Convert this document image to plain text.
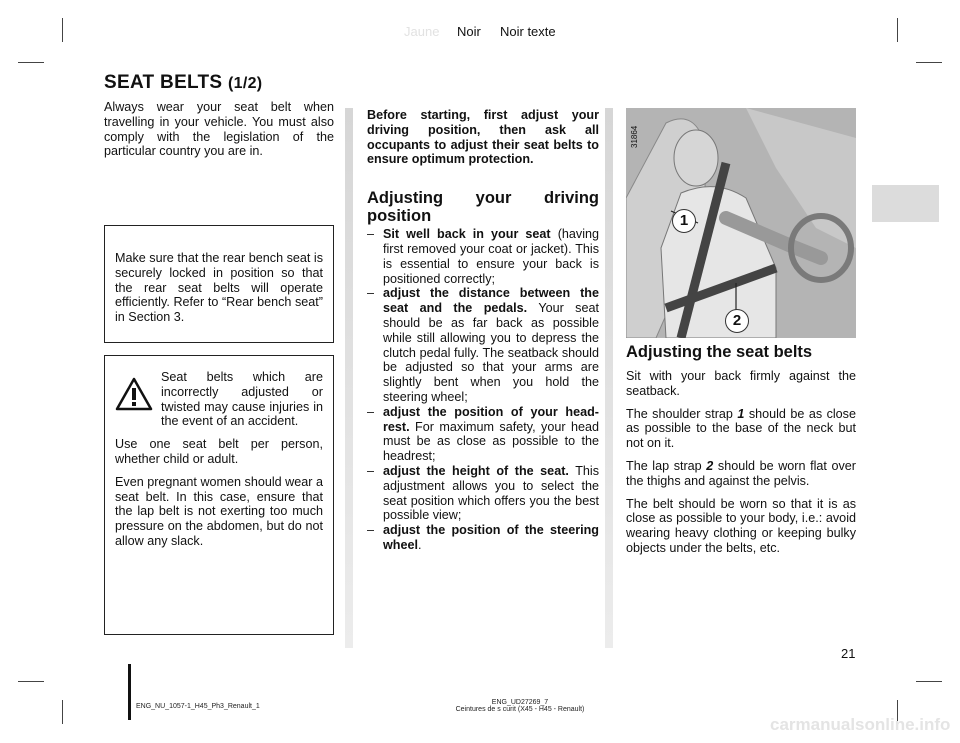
Jaune Noir Noir texte
SEAT BELTS (1/2)
Always wear your seat belt when travelling in your vehicle. You must also comply with the legislation of the particular country you are in.
Make sure that the rear bench seat is securely locked in position so that the rear seat belts will operate efficiently. Refer to “Rear bench seat” in Section 3.
Seat belts which are incorrectly adjusted or twisted may cause injuries in the event of an accident.

Use one seat belt per person, whether child or adult.

Even pregnant women should wear a seat belt. In this case, ensure that the lap belt is not exerting too much pressure on the abdomen, but do not allow any slack.

Before starting, first adjust your driving position, then ask all occupants to adjust their seat belts to ensure optimum protection.
Adjusting your driving position
– Sit well back in your seat (having first removed your coat or jacket). This is essential to ensure your back is positioned correctly;
– adjust the distance between the seat and the pedals. Your seat should be as far back as possible while still allowing you to depress the clutch pedal fully. The seatback should be adjusted so that your arms are slightly bent when you hold the steering wheel;
– adjust the position of your head-rest. For maximum safety, your head must be as close as possible to the headrest;
– adjust the height of the seat. This adjustment allows you to select the seat position which offers you the best possible view;
– adjust the position of the steering wheel.
31864
1
2
Adjusting the seat belts

Sit with your back firmly against the seatback.

The shoulder strap 1 should be as close as possible to the base of the neck but not on it.

The lap strap 2 should be worn flat over the thighs and against the pelvis.

The belt should be worn so that it is as close as possible to your body, i.e.: avoid wearing heavy clothing or keeping bulky objects under the belts, etc.

21
ENG_NU_1057-1_H45_Ph3_Renault_1
ENG_UD27269_7
Ceintures de s curit (X45 - H45 - Renault)
carmanualsonline.info
